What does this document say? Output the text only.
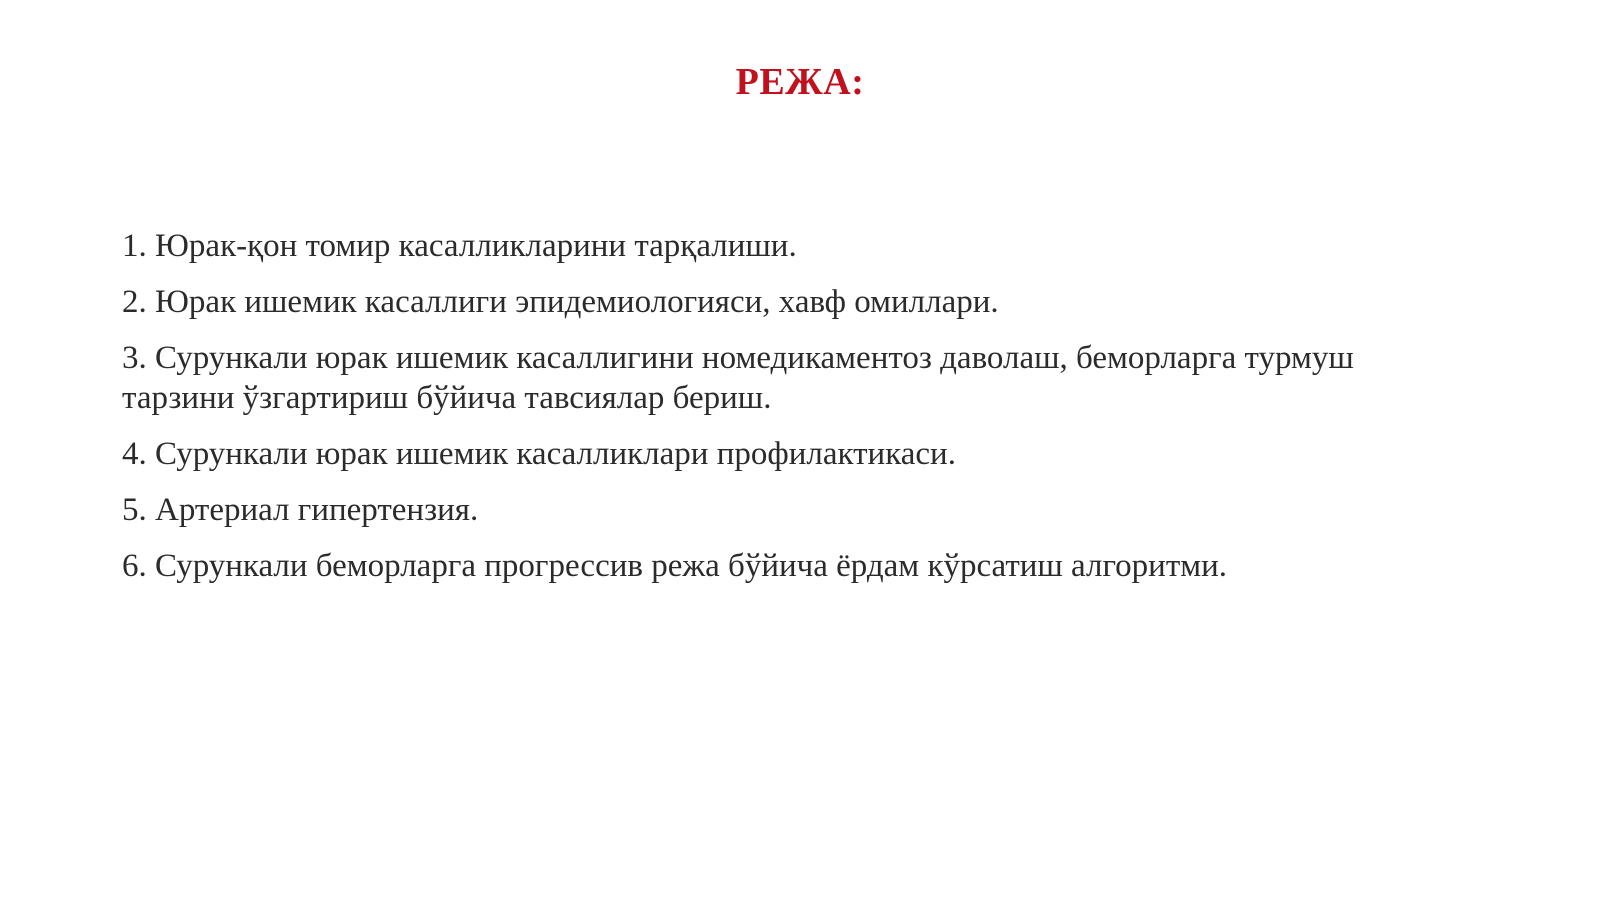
РЕЖА:
1. Юрак-қон томир касалликларини тарқалиши.
2. Юрак ишемик касаллиги эпидемиологияси, хавф омиллари.
3. Сурункали юрак ишемик касаллигини номедикаментоз даволаш, беморларга турмуш тарзини ўзгартириш бўйича тавсиялар бериш.
4. Сурункали юрак ишемик касалликлари профилактикаси.
5. Артериал гипертензия.
6. Сурункали беморларга прогрессив режа бўйича ёрдам кўрсатиш алгоритми.
